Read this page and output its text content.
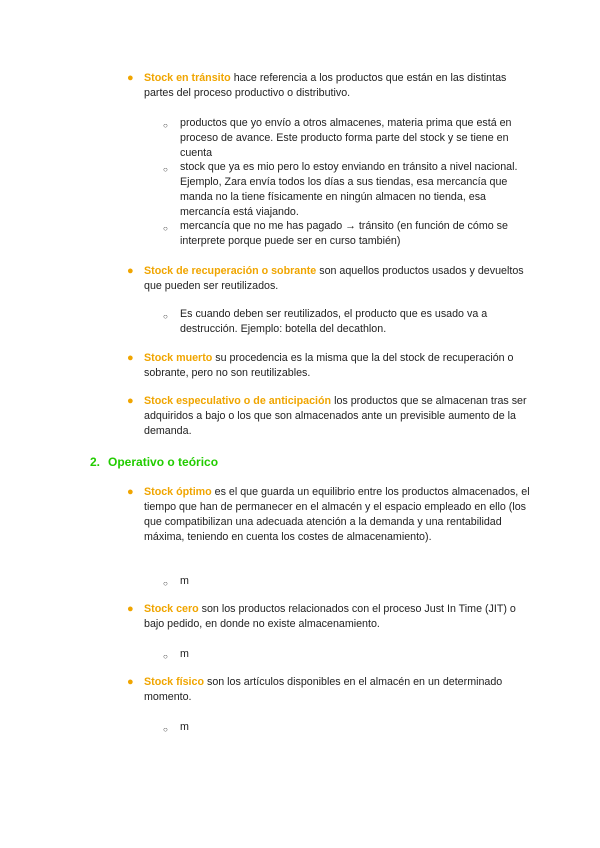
● Stock en tránsito hace referencia a los productos que están en las distintas partes del proceso productivo o distributivo.
○ productos que yo envío a otros almacenes, materia prima que está en proceso de avance. Este producto forma parte del stock y se tiene en cuenta
○ stock que ya es mio pero lo estoy enviando en tránsito a nivel nacional. Ejemplo, Zara envía todos los días a sus tiendas, esa mercancía que manda no la tiene físicamente en ningún almacen no tienda, esa mercancía está viajando.
○ mercancía que no me has pagado → tránsito (en función de cómo se interprete porque puede ser en curso también)
● Stock de recuperación o sobrante son aquellos productos usados y devueltos que pueden ser reutilizados.
○ Es cuando deben ser reutilizados, el producto que es usado va a destrucción. Ejemplo: botella del decathlon.
● Stock muerto su procedencia es la misma que la del stock de recuperación o sobrante, pero no son reutilizables.
● Stock especulativo o de anticipación los productos que se almacenan tras ser adquiridos a bajo o los que son almacenados ante un previsible aumento de la demanda.
2. Operativo o teórico
● Stock óptimo es el que guarda un equilibrio entre los productos almacenados, el tiempo que han de permanecer en el almacén y el espacio empleado en ello (los que compatibilizan una adecuada atención a la demanda y una rentabilidad máxima, teniendo en cuenta los costes de almacenamiento).
○ m
● Stock cero son los productos relacionados con el proceso Just In Time (JIT) o bajo pedido, en donde no existe almacenamiento.
○ m
● Stock físico son los artículos disponibles en el almacén en un determinado momento.
○ m
